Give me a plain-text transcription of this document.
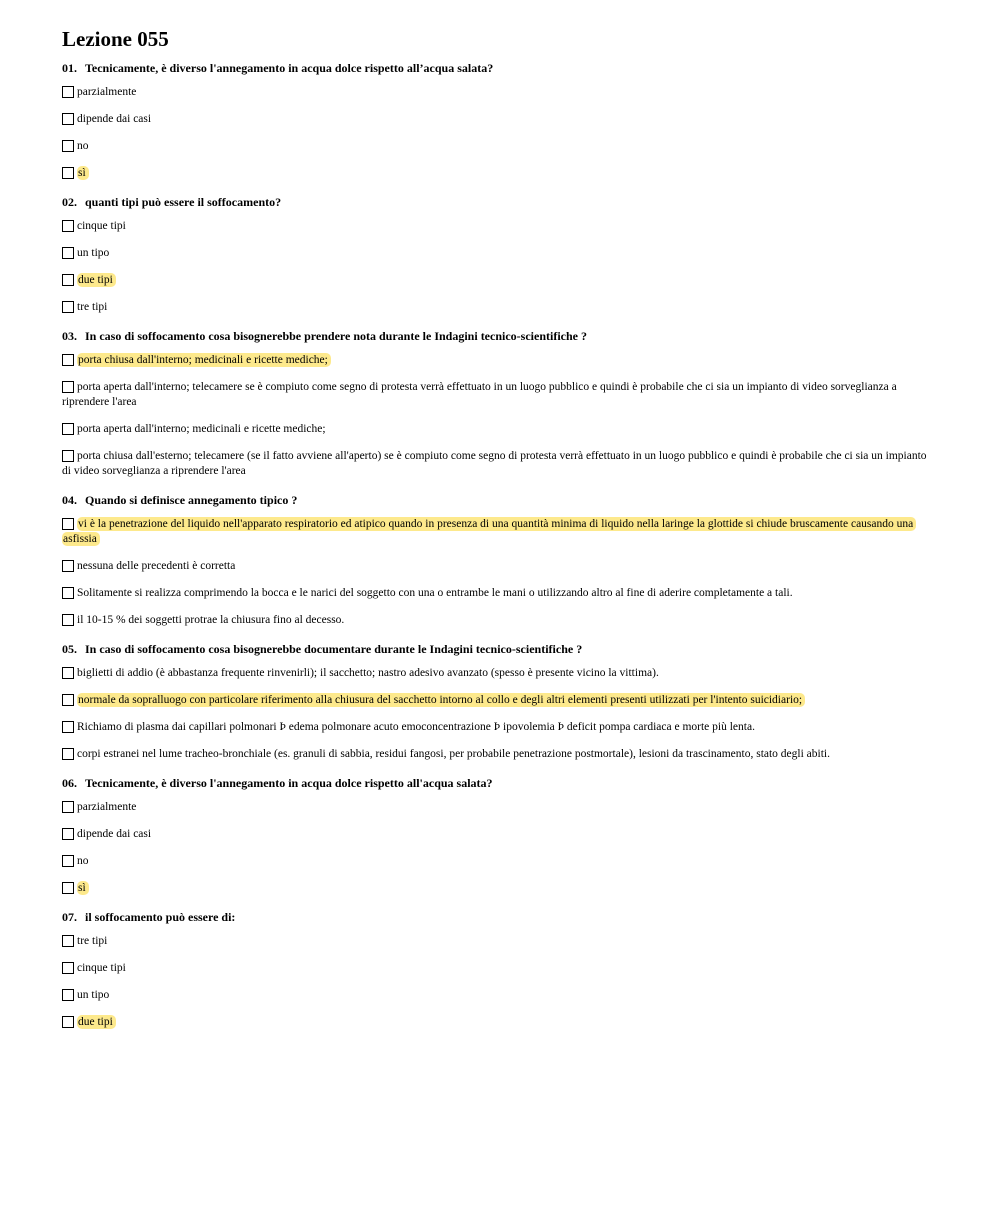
Lezione 055
01. Tecnicamente, è diverso l'annegamento in acqua dolce rispetto all’acqua salata?
parzialmente
dipende dai casi
no
sì
02. quanti tipi può essere il soffocamento?
cinque tipi
un tipo
due tipi
tre tipi
03. In caso di soffocamento cosa bisognerebbe prendere nota durante le Indagini tecnico-scientifiche ?
porta chiusa dall'interno; medicinali e ricette mediche;
porta aperta dall'interno; telecamere se è compiuto come segno di protesta verrà effettuato in un luogo pubblico e quindi è probabile che ci sia un impianto di video sorveglianza a riprendere l'area
porta aperta dall'interno; medicinali e ricette mediche;
porta chiusa dall'esterno; telecamere (se il fatto avviene all'aperto) se è compiuto come segno di protesta verrà effettuato in un luogo pubblico e quindi è probabile che ci sia un impianto di video sorveglianza a riprendere l'area
04. Quando si definisce annegamento tipico ?
vi è la penetrazione del liquido nell'apparato respiratorio ed atipico quando in presenza di una quantità minima di liquido nella laringe la glottide si chiude bruscamente causando una asfissia
nessuna delle precedenti è corretta
Solitamente si realizza comprimendo la bocca e le narici del soggetto con una o entrambe le mani o utilizzando altro al fine di aderire completamente a tali.
il 10-15 % dei soggetti protrae la chiusura fino al decesso.
05. In caso di soffocamento cosa bisognerebbe documentare durante le Indagini tecnico-scientifiche ?
biglietti di addio (è abbastanza frequente rinvenirli); il sacchetto; nastro adesivo avanzato (spesso è presente vicino la vittima).
normale da sopralluogo con particolare riferimento alla chiusura del sacchetto intorno al collo e degli altri elementi presenti utilizzati per l'intento suicidiario;
Richiamo di plasma dai capillari polmonari Þ edema polmonare acuto emoconcentrazione Þ ipovolemia Þ deficit pompa cardiaca e morte più lenta.
corpi estranei nel lume tracheo-bronchiale (es. granuli di sabbia, residui fangosi, per probabile penetrazione postmortale), lesioni da trascinamento, stato degli abiti.
06. Tecnicamente, è diverso l'annegamento in acqua dolce rispetto all'acqua salata?
parzialmente
dipende dai casi
no
sì
07. il soffocamento può essere di:
tre tipi
cinque tipi
un tipo
due tipi
